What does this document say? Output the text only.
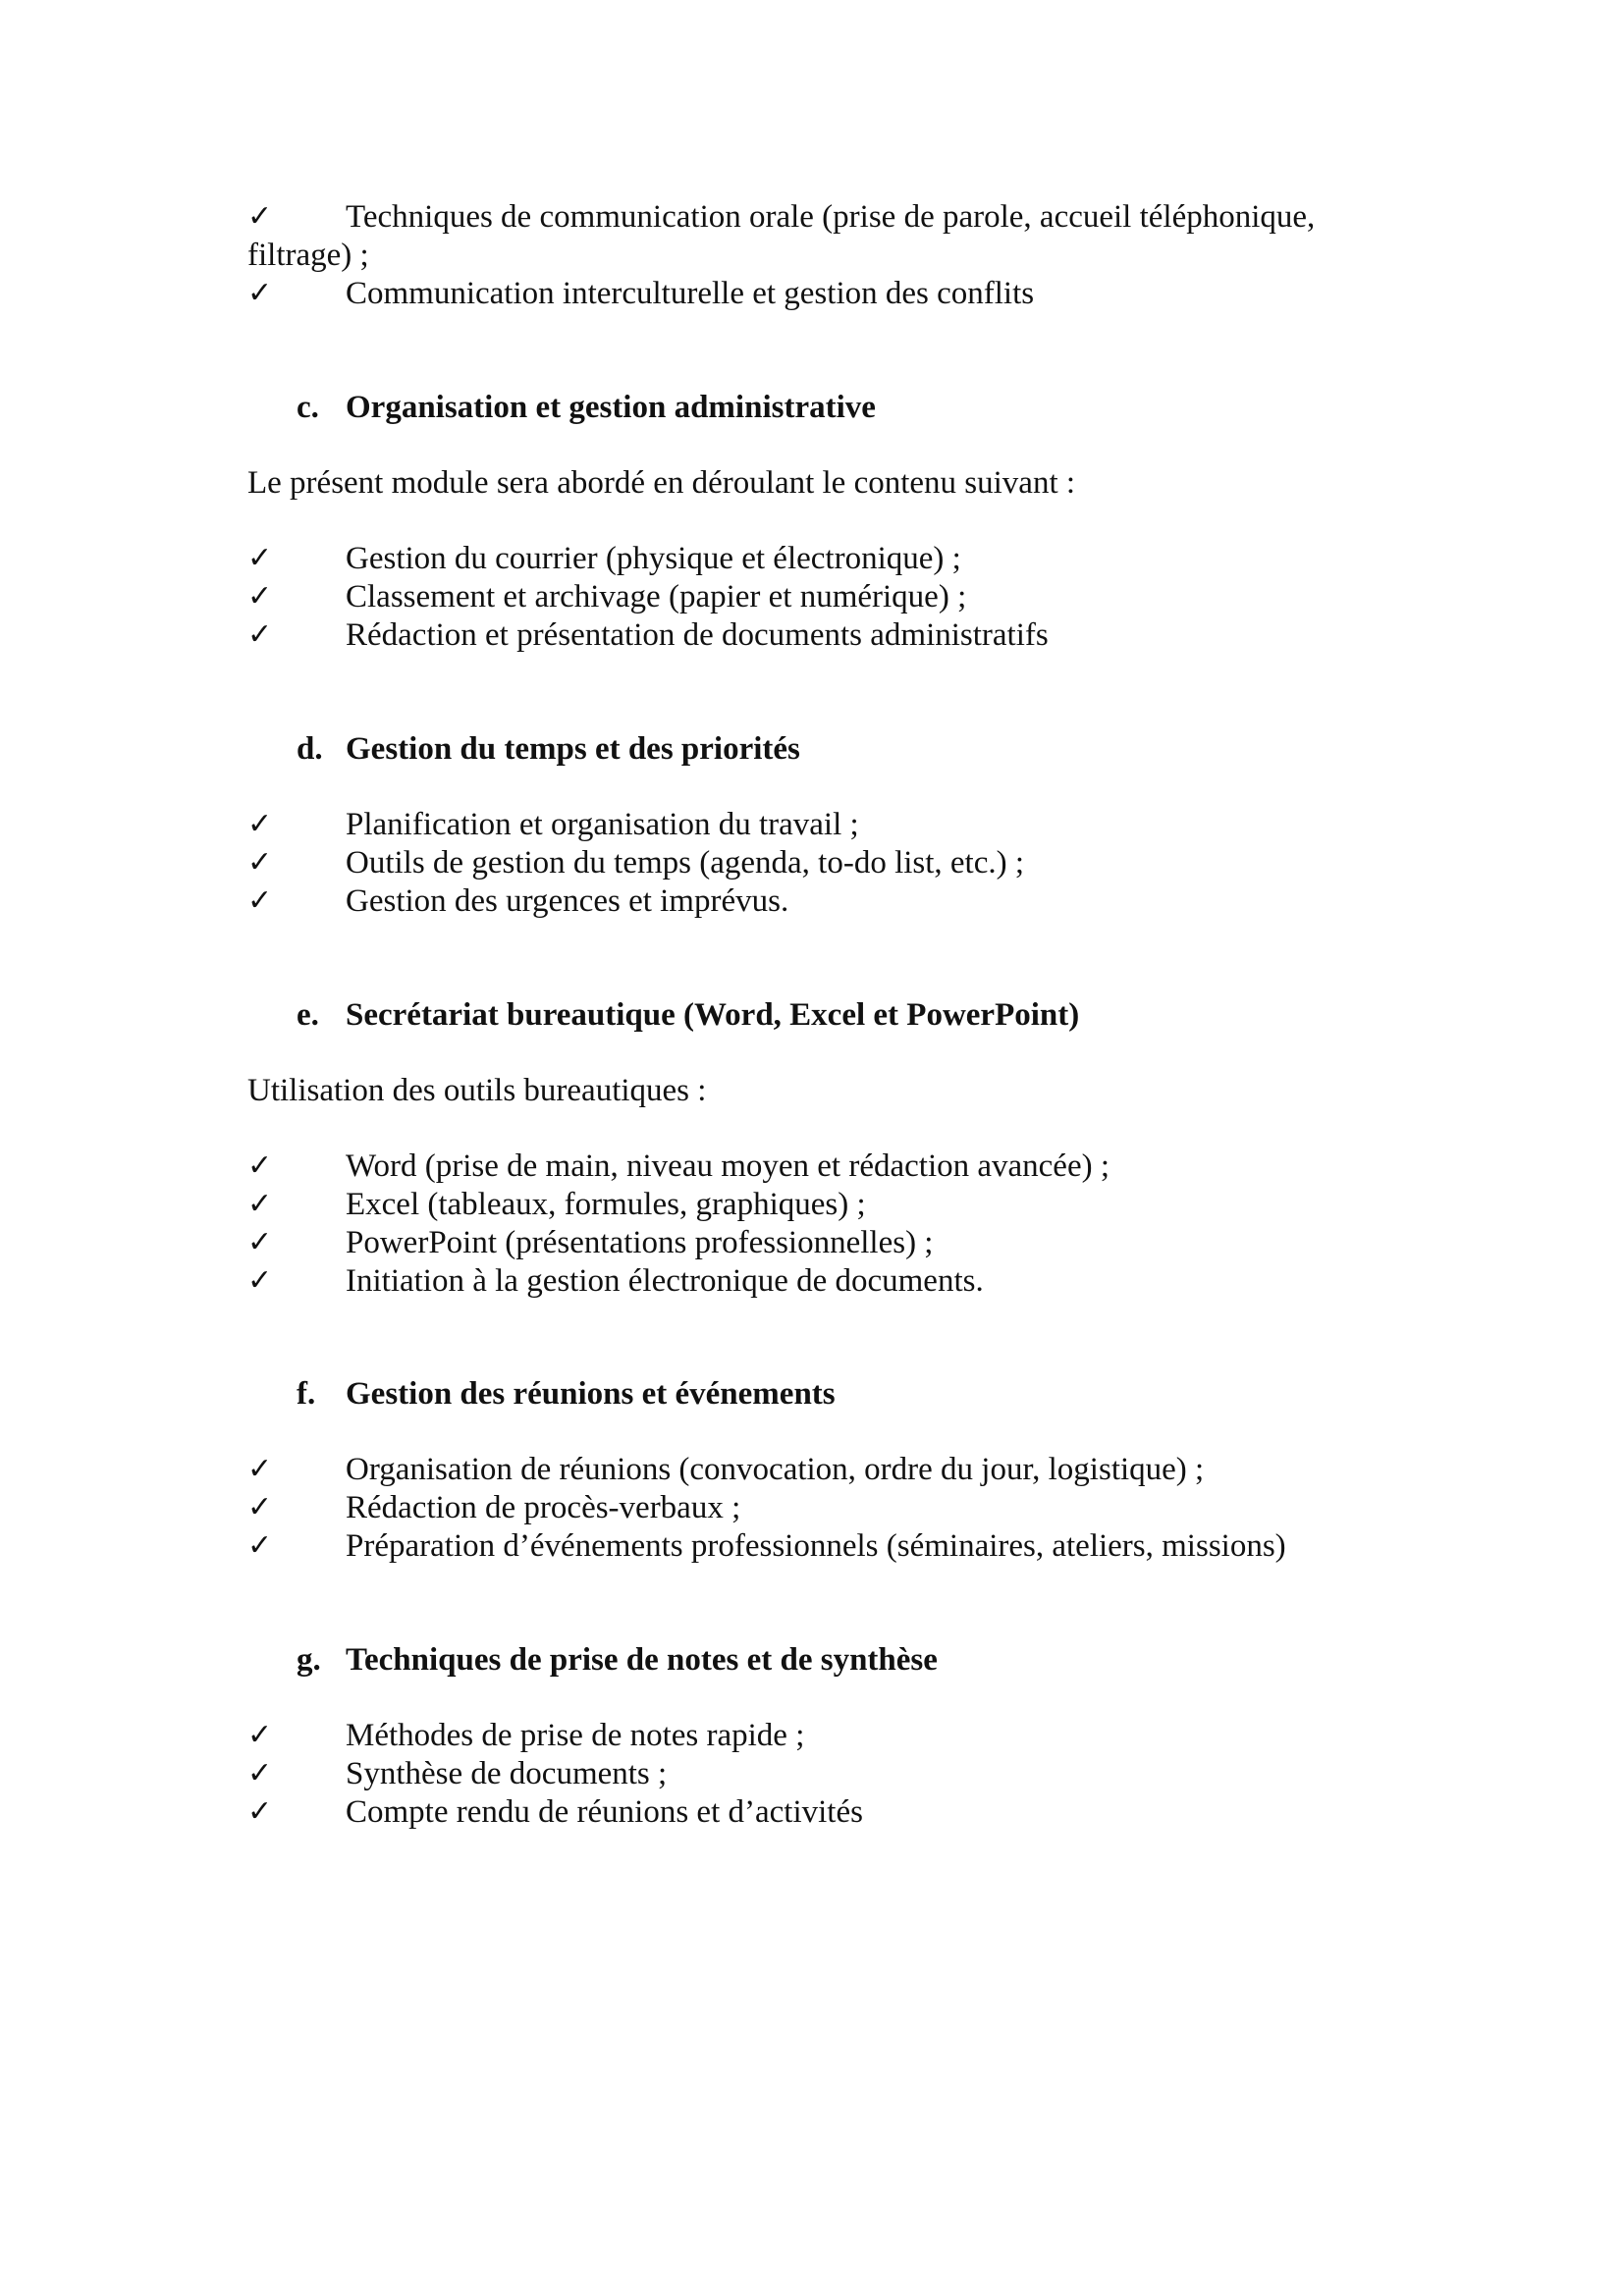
✓ Techniques de communication orale (prise de parole, accueil téléphonique,
filtrage) ;
✓ Communication interculturelle et gestion des conflits
c. Organisation et gestion administrative
Le présent module sera abordé en déroulant le contenu suivant :
✓ Gestion du courrier (physique et électronique) ;
✓ Classement et archivage (papier et numérique) ;
✓ Rédaction et présentation de documents administratifs
d. Gestion du temps et des priorités
✓ Planification et organisation du travail ;
✓ Outils de gestion du temps (agenda, to-do list, etc.) ;
✓ Gestion des urgences et imprévus.
e. Secrétariat bureautique (Word, Excel et PowerPoint)
Utilisation des outils bureautiques :
✓ Word (prise de main, niveau moyen et rédaction avancée) ;
✓ Excel (tableaux, formules, graphiques) ;
✓ PowerPoint (présentations professionnelles) ;
✓ Initiation à la gestion électronique de documents.
f. Gestion des réunions et événements
✓ Organisation de réunions (convocation, ordre du jour, logistique) ;
✓ Rédaction de procès-verbaux ;
✓ Préparation d’événements professionnels (séminaires, ateliers, missions)
g. Techniques de prise de notes et de synthèse
✓ Méthodes de prise de notes rapide ;
✓ Synthèse de documents ;
✓ Compte rendu de réunions et d’activités
